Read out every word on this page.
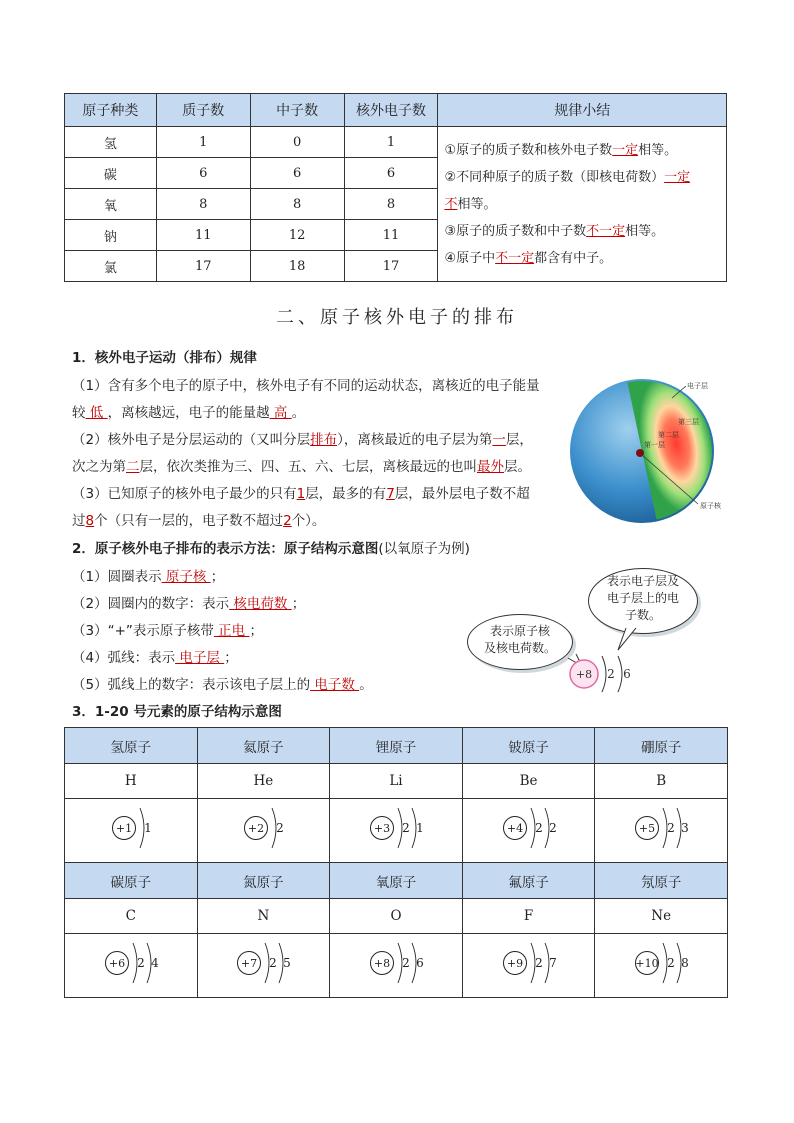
原子种类	质子数	中子数	核外电子数	规律小结
氢	1	0	1	①原子的质子数和核外电子数一定相等。
②不同种原子的质子数（即核电荷数）一定
不相等。
③原子的质子数和中子数不一定相等。
④原子中不一定都含有中子。

碳	6	6	6	
氧	8	8	8	
钠	11	12	11	
氯	17	18	17	
二、原子核外电子的排布
1．核外电子运动（排布）规律
（1）含有多个电子的原子中，核外电子有不同的运动状态，离核近的电子能量
较 低 ，离核越远，电子的能量越 高 。
（2）核外电子是分层运动的（又叫分层排布），离核最近的电子层为第一层，
次之为第二层，依次类推为三、四、五、六、七层，离核最远的也叫最外层。
（3）已知原子的核外电子最少的只有1层，最多的有7层，最外层电子数不超
过8个（只有一层的，电子数不超过2个）。
电子层
第三层
第二层
第一层
原子核
2．原子核外电子排布的表示方法：原子结构示意图(以氧原子为例)
（1）圆圈表示 原子核 ；
（2）圆圈内的数字：表示 核电荷数 ；
（3）“+”表示原子核带 正电 ；
（4）弧线：表示 电子层 ；
（5）弧线上的数字：表示该电子层上的 电子数 。
表示电子层及
电子层上的电
子数。
表示原子核
及核电荷数。
+8 2 6
3．1-20 号元素的原子结构示意图
氢原子	氦原子	锂原子	铍原子	硼原子
H	He	Li	Be	B

+1 1	+2 2	+3 2 1	+4 2 2	+5 2 3

碳原子	氮原子	氧原子	氟原子	氖原子
C	N	O	F	Ne

+6 2 4	+7 2 5	+8 2 6	+9 2 7	+10 2 8
